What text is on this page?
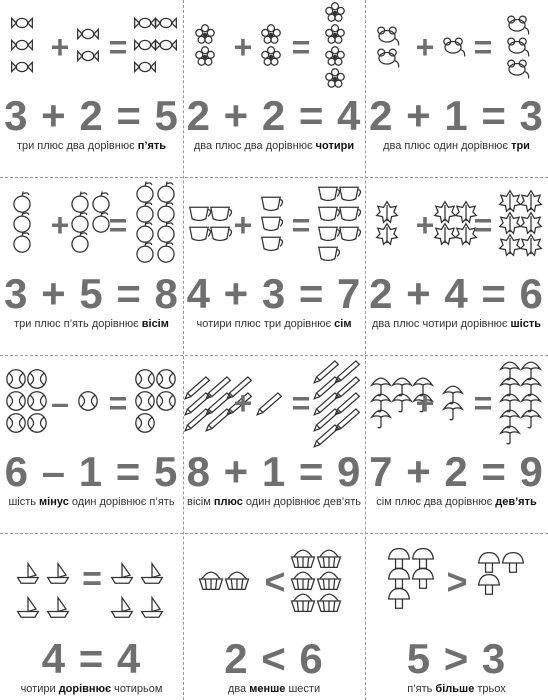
+ =
3 + 2 = 5
три плюс два дорівнює п’ять
+ =
2 + 2 = 4
два плюс два дорівнює чотири
+ =
2 + 1 = 3
два плюс один дорівнює три
+ =
3 + 5 = 8
три плюс п’ять дорівнює вісім
+ =
4 + 3 = 7
чотири плюс три дорівнює сім
+ =
2 + 4 = 6
два плюс чотири дорівнює шість
– =
6 – 1 = 5
шість мінус один дорівнює п’ять
+ =
8 + 1 = 9
вісім плюс один дорівнює дев’ять
+ =
7 + 2 = 9
сім плюс два дорівнює дев’ять
=
4 = 4
чотири дорівнює чотирьом
<
2 < 6
два менше шести
>
5 > 3
п’ять більше трьох
